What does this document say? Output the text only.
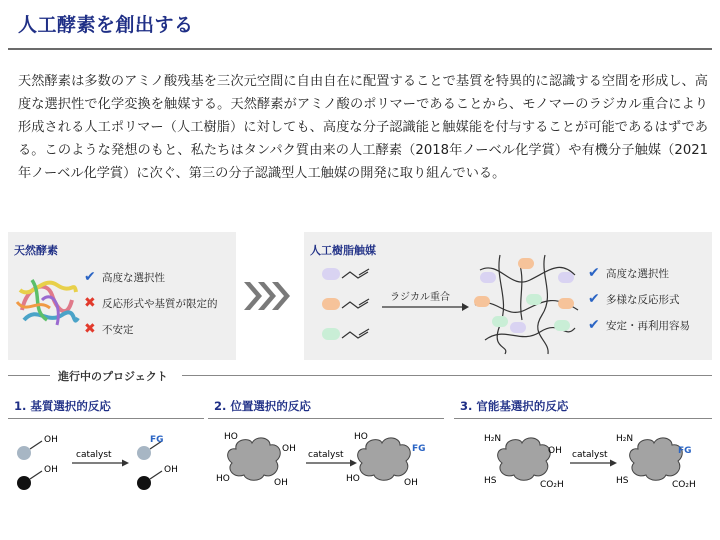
人工酵素を創出する
天然酵素は多数のアミノ酸残基を三次元空間に自由自在に配置することで基質を特異的に認識する空間を形成し、高度な選択性で化学変換を触媒する。天然酵素がアミノ酸のポリマーであることから、モノマーのラジカル重合により形成される人工ポリマー（人工樹脂）に対しても、高度な分子認識能と触媒能を付与することが可能であるはずである。このような発想のもと、私たちはタンパク質由来の人工酵素（2018年ノーベル化学賞）や有機分子触媒（2021年ノーベル化学賞）に次ぐ、第三の分子認識型人工触媒の開発に取り組んでいる。
天然酵素
✔ 高度な選択性
✖ 反応形式や基質が限定的
✖ 不安定
人工樹脂触媒
ラジカル重合
✔ 高度な選択性
✔ 多様な反応形式
✔ 安定・再利用容易
進行中のプロジェクト
1. 基質選択的反応	2. 位置選択的反応	3. 官能基選択的反応
OH
OH
catalyst
FG
OH
HO
OH
HO	OH
catalyst
HO
FG
HO	OH
H₂N
OH
HS	CO₂H
catalyst
H₂N
FG
HS	CO₂H
